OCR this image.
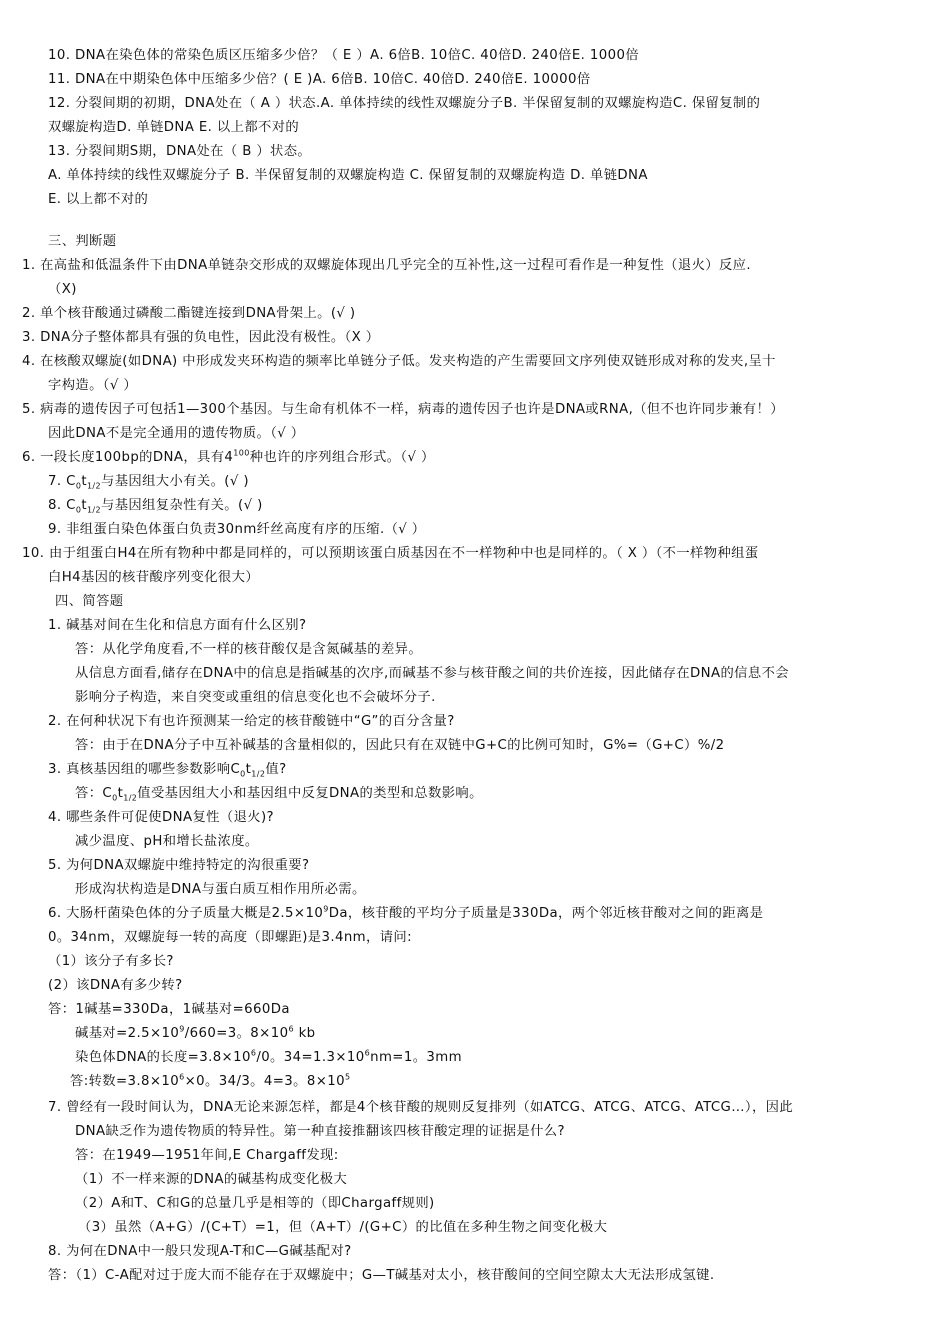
10. DNA在染色体的常染色质区压缩多少倍？（ E ）A. 6倍B. 10倍C. 40倍D. 240倍E. 1000倍
11. DNA在中期染色体中压缩多少倍？( E )A. 6倍B. 10倍C. 40倍D. 240倍E. 10000倍
12. 分裂间期的初期，DNA处在（ A ）状态.A. 单体持续的线性双螺旋分子B. 半保留复制的双螺旋构造C. 保留复制的
双螺旋构造D. 单链DNA E. 以上都不对的
13. 分裂间期S期，DNA处在（ B ）状态。
A. 单体持续的线性双螺旋分子 B. 半保留复制的双螺旋构造 C. 保留复制的双螺旋构造 D. 单链DNA
E. 以上都不对的
三、判断题
1. 在高盐和低温条件下由DNA单链杂交形成的双螺旋体现出几乎完全的互补性,这一过程可看作是一种复性（退火）反应.
（X)
2. 单个核苷酸通过磷酸二酯键连接到DNA骨架上。(√ )
3. DNA分子整体都具有强的负电性，因此没有极性。（X ）
4. 在核酸双螺旋(如DNA) 中形成发夹环构造的频率比单链分子低。发夹构造的产生需要回文序列使双链形成对称的发夹,呈十
字构造。（√ ）
5. 病毒的遗传因子可包括1—300个基因。与生命有机体不一样，病毒的遗传因子也许是DNA或RNA,（但不也许同步兼有！）
因此DNA不是完全通用的遗传物质。（√ ）
6. 一段长度100bp的DNA，具有$4^{100}$种也许的序列组合形式。（√ ）
7. $C_0t_{1/2}$与基因组大小有关。(√ )
8. $C_0t_{1/2}$与基因组复杂性有关。(√ )
9. 非组蛋白染色体蛋白负责30nm纤丝高度有序的压缩.（√ ）
10. 由于组蛋白H4在所有物种中都是同样的，可以预期该蛋白质基因在不一样物种中也是同样的。（ X ）（不一样物种组蛋
白H4基因的核苷酸序列变化很大）
四、简答题
1. 碱基对间在生化和信息方面有什么区别?
答：从化学角度看,不一样的核苷酸仅是含氮碱基的差异。
从信息方面看,储存在DNA中的信息是指碱基的次序,而碱基不参与核苷酸之间的共价连接，因此储存在DNA的信息不会
影响分子构造，来自突变或重组的信息变化也不会破坏分子.
2. 在何种状况下有也许预测某一给定的核苷酸链中“G”的百分含量?
答：由于在DNA分子中互补碱基的含量相似的，因此只有在双链中G+C的比例可知时，G%=（G+C）%/2
3. 真核基因组的哪些参数影响$C_0t_{1/2}$值?
答：$C_0t_{1/2}$值受基因组大小和基因组中反复DNA的类型和总数影响。
4. 哪些条件可促使DNA复性（退火)?
减少温度、pH和增长盐浓度。
5. 为何DNA双螺旋中维持特定的沟很重要?
形成沟状构造是DNA与蛋白质互相作用所必需。
6. 大肠杆菌染色体的分子质量大概是$2.5\times 10^9Da$，核苷酸的平均分子质量是330Da，两个邻近核苷酸对之间的距离是
0。34nm，双螺旋每一转的高度（即螺距)是3.4nm，请问:
（1）该分子有多长?
(2）该DNA有多少转?
答：1碱基=330Da，1碱基对=660Da
碱基对$=2.5\times 10^9/660=3$。$8\times 10^6$ kb
染色体DNA的长度$=3.8\times 10^6/0$。$34=1.3\times 10^6nm=1$。3mm
答:转数$=3.8\times 10^6\times 0$。34/3。4=3。$8\times 10^5$
7. 曾经有一段时间认为，DNA无论来源怎样，都是4个核苷酸的规则反复排列（如ATCG、ATCG、ATCG、ATCG…），因此
DNA缺乏作为遗传物质的特异性。第一种直接推翻该四核苷酸定理的证据是什么?
答：在1949—1951年间,E Chargaff发现:
（1）不一样来源的DNA的碱基构成变化极大
（2）A和T、C和G的总量几乎是相等的（即Chargaff规则)
（3）虽然（A+G）/(C+T）=1，但（A+T）/(G+C）的比值在多种生物之间变化极大
8. 为何在DNA中一般只发现A-T和C—G碱基配对?
答：（1）C-A配对过于庞大而不能存在于双螺旋中；G—T碱基对太小，核苷酸间的空间空隙太大无法形成氢键.
